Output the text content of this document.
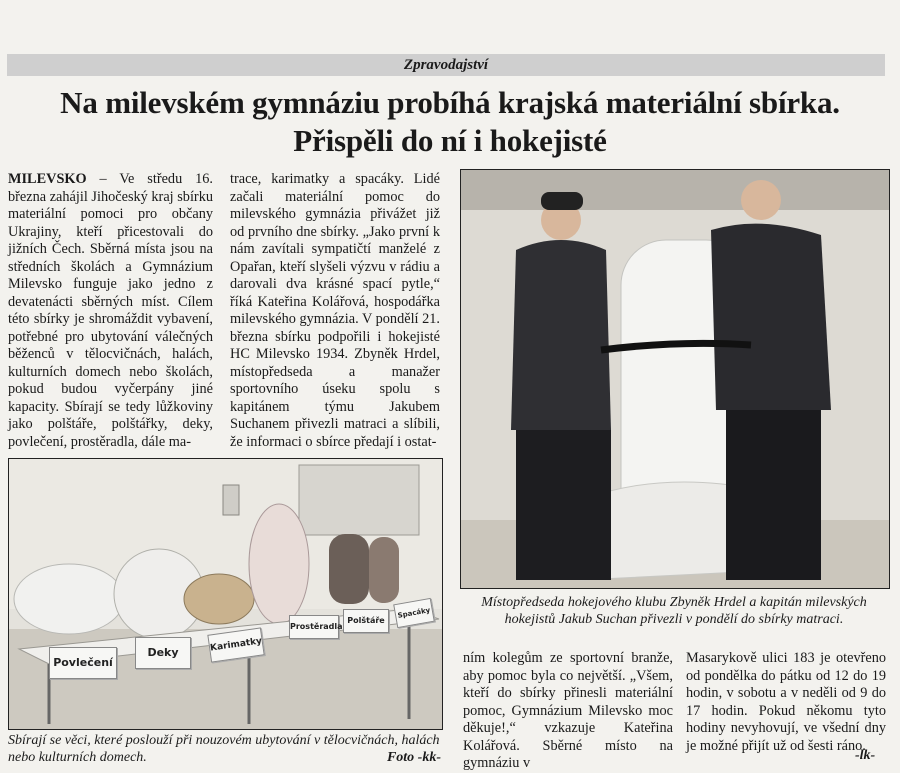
Zpravodajství
Na milevském gymnáziu probíhá krajská materiální sbírka.
Přispěli do ní i hokejisté

MILEVSKO – Ve středu 16. března zahájil Jihočeský kraj sbírku materiální pomoci pro občany Ukrajiny, kteří přicestovali do jižních Čech. Sběrná místa jsou na středních školách a Gymnázium Milevsko funguje jako jedno z devatenácti sběrných míst. Cílem této sbírky je shromáždit vybavení, potřebné pro ubytování válečných běženců v tělocvičnách, halách, kulturních domech nebo školách, pokud budou vyčerpány jiné kapacity. Sbírají se tedy lůžkoviny jako polštáře, polštářky, deky, povlečení, prostěradla, dále ma-

trace, karimatky a spacáky. Lidé začali materiální pomoc do milevského gymnázia přivážet již od prvního dne sbírky. „Jako první k nám zavítali sympatičtí manželé z Opařan, kteří slyšeli výzvu v rádiu a darovali dva krásné spací pytle,“ říká Kateřina Kolářová, hospodářka milevského gymnázia. V pondělí 21. března sbírku podpořili i hokejisté HC Milevsko 1934. Zbyněk Hrdel, místopředseda a manažer sportovního úseku spolu s kapitánem týmu Jakubem Suchanem přivezli matraci a slíbili, že informaci o sbírce předají i ostat-

Povlečení
Deky	Karimatky
Prostěradla
Polštáře
Spacáky
Místopředseda hokejového klubu Zbyněk Hrdel a kapitán milevských hokejistů Jakub Suchan přivezli v pondělí do sbírky matraci.
Sbírají se věci, které poslouží při nouzovém ubytování v tělocvičnách, halách nebo kulturních domech.	Foto -kk-

ním kolegům ze sportovní branže, aby pomoc byla co největší. „Všem, kteří do sbírky přinesli materiální pomoc, Gymnázium Milevsko moc děkuje!,“ vzkazuje Kateřina Kolářová. Sběrné místo na gymnáziu v

Masarykově ulici 183 je otevřeno od pondělka do pátku od 12 do 19 hodin, v sobotu a v neděli od 9 do 17 hodin. Pokud někomu tyto hodiny nevyhovují, ve všední dny je možné přijít už od šesti ráno.

-lk-
